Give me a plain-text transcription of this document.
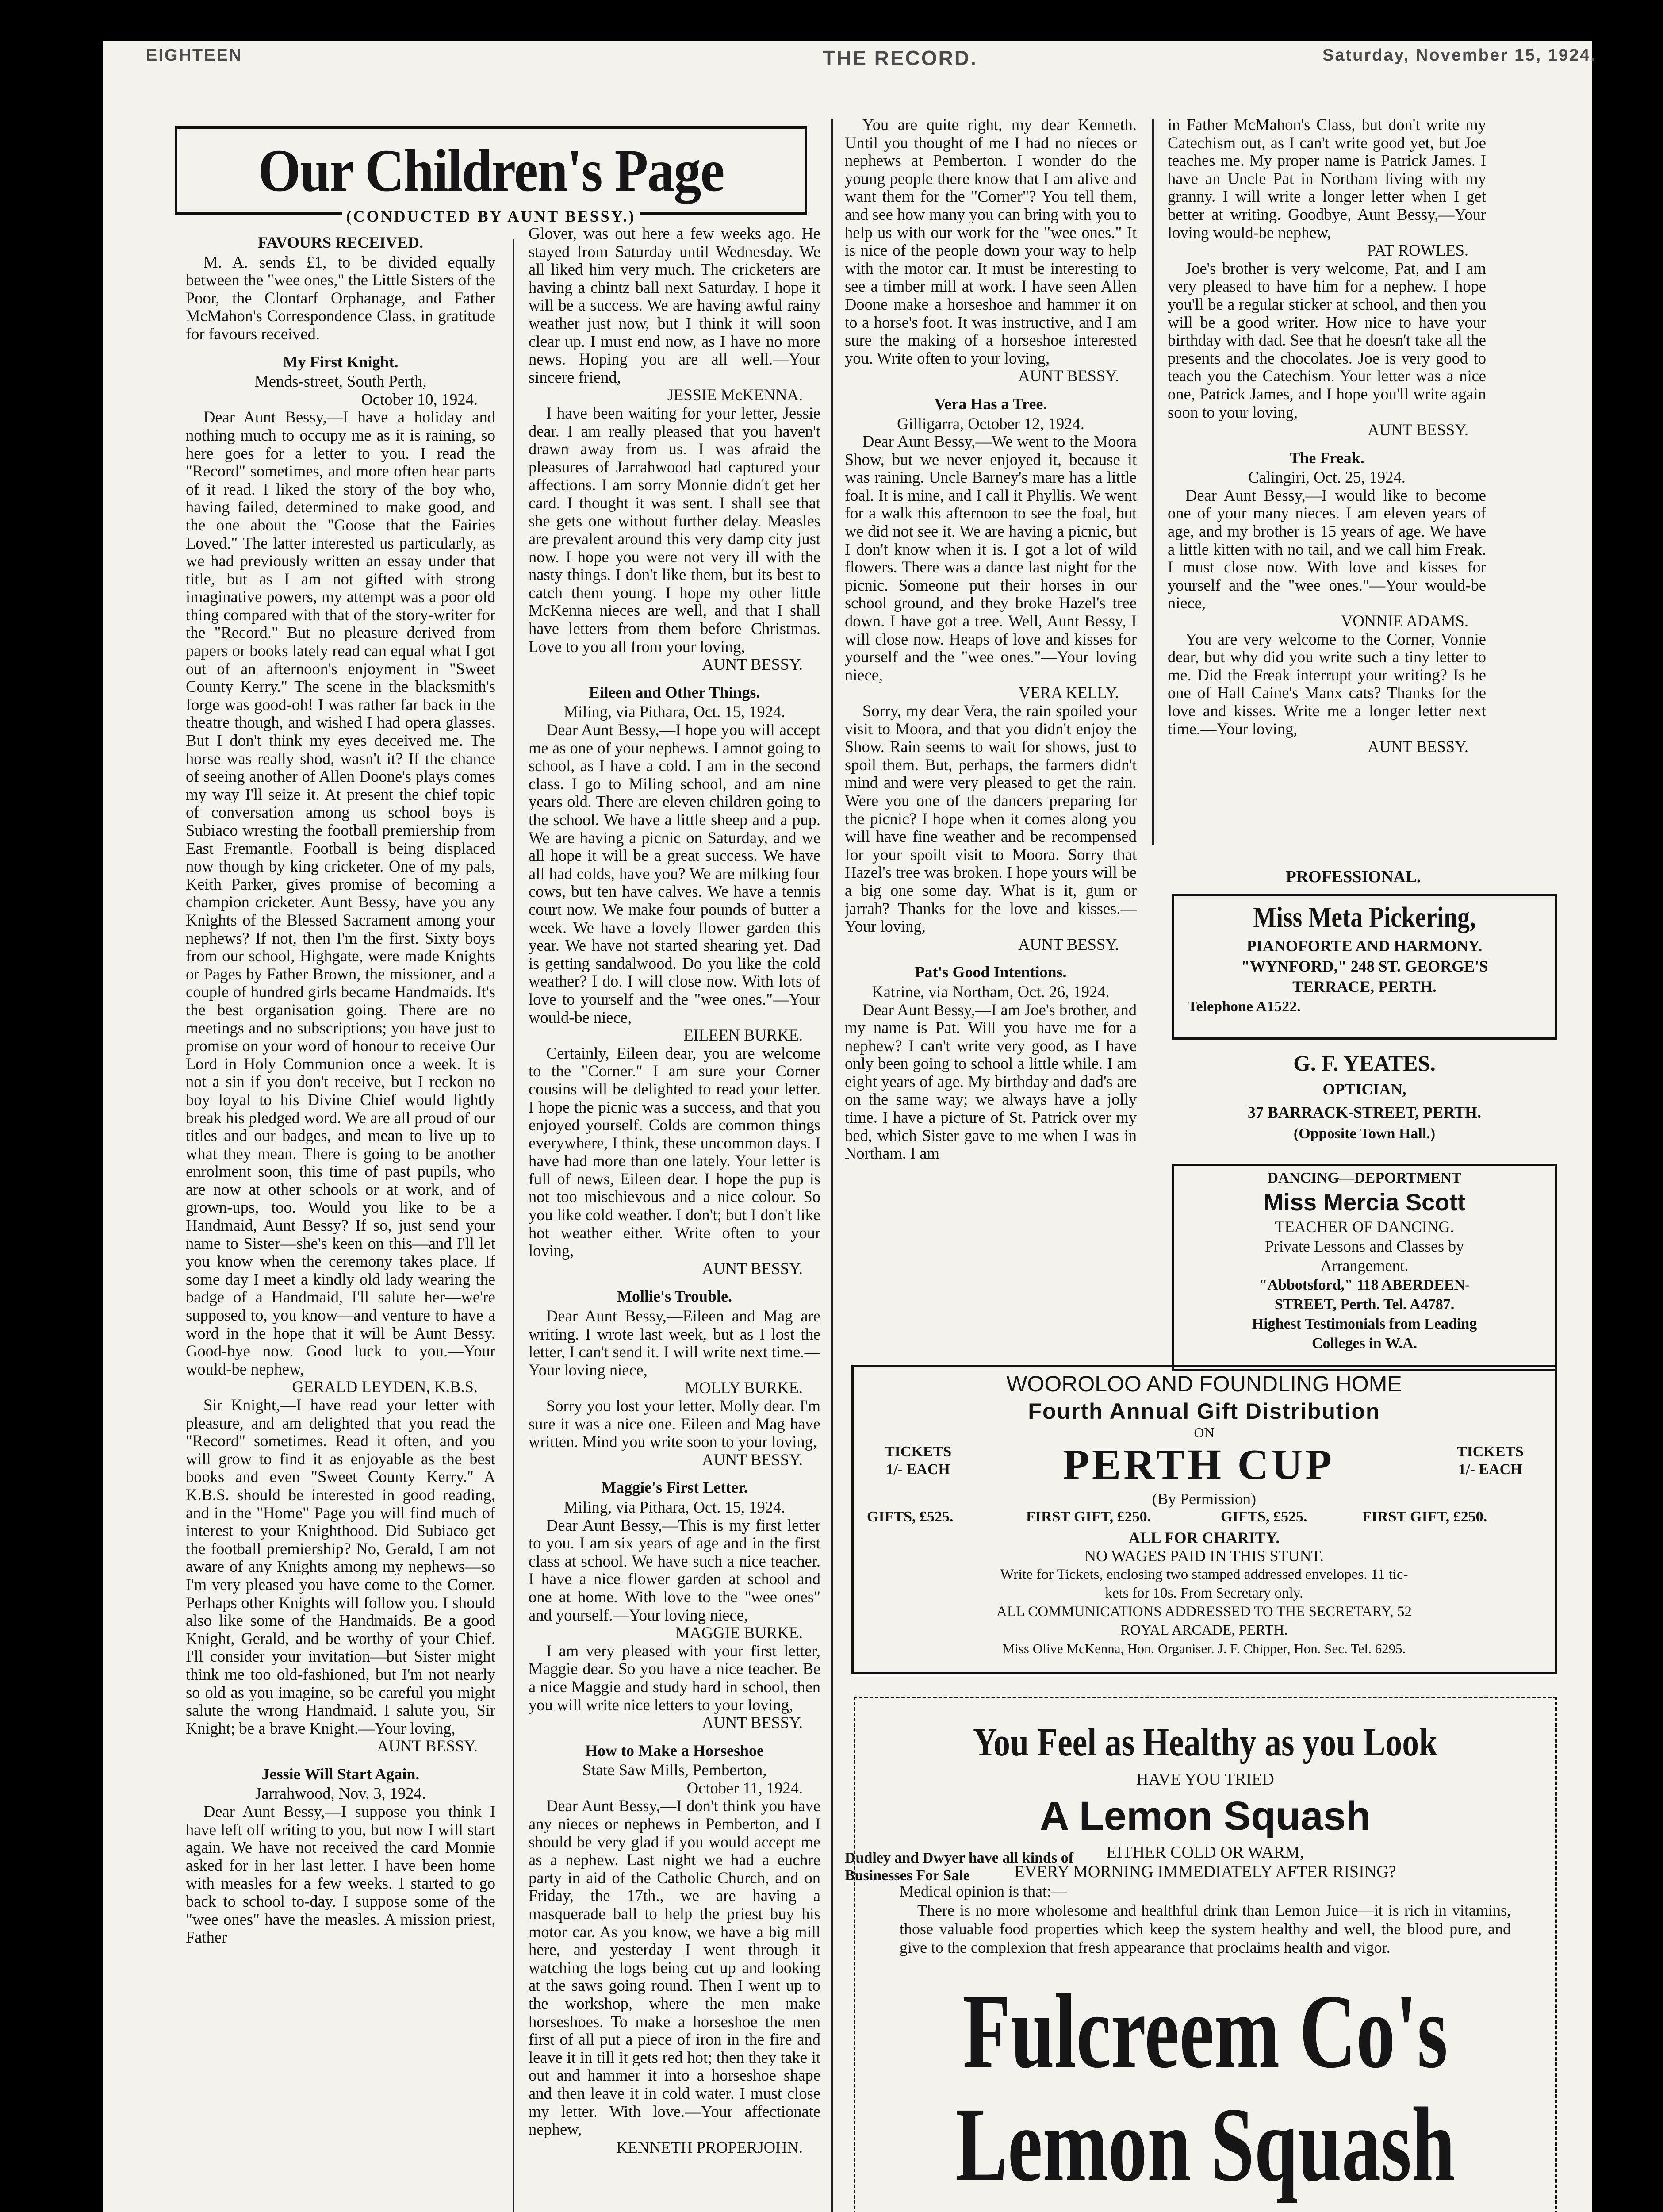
EIGHTEEN	THE RECORD.	Saturday, November 15, 1924.
Our Children's Page
(CONDUCTED BY AUNT BESSY.)
FAVOURS RECEIVED.

M. A. sends £1, to be divided equally between the "wee ones," the Little Sisters of the Poor, the Clontarf Orphanage, and Father McMahon's Correspondence Class, in gratitude for favours received.

My First Knight.

Mends-street, South Perth,

October 10, 1924.

Dear Aunt Bessy,—I have a holiday and nothing much to occupy me as it is raining, so here goes for a letter to you. I read the "Record" sometimes, and more often hear parts of it read. I liked the story of the boy who, having failed, determined to make good, and the one about the "Goose that the Fairies Loved." The latter interested us particularly, as we had previously written an essay under that title, but as I am not gifted with strong imaginative powers, my attempt was a poor old thing compared with that of the story-writer for the "Record." But no pleasure derived from papers or books lately read can equal what I got out of an afternoon's enjoyment in "Sweet County Kerry." The scene in the blacksmith's forge was good-oh! I was rather far back in the theatre though, and wished I had opera glasses. But I don't think my eyes deceived me. The horse was really shod, wasn't it? If the chance of seeing another of Allen Doone's plays comes my way I'll seize it. At present the chief topic of conversation among us school boys is Subiaco wresting the football premiership from East Fremantle. Football is being displaced now though by king cricketer. One of my pals, Keith Parker, gives promise of becoming a champion cricketer. Aunt Bessy, have you any Knights of the Blessed Sacrament among your nephews? If not, then I'm the first. Sixty boys from our school, Highgate, were made Knights or Pages by Father Brown, the missioner, and a couple of hundred girls became Handmaids. It's the best organisation going. There are no meetings and no subscriptions; you have just to promise on your word of honour to receive Our Lord in Holy Communion once a week. It is not a sin if you don't receive, but I reckon no boy loyal to his Divine Chief would lightly break his pledged word. We are all proud of our titles and our badges, and mean to live up to what they mean. There is going to be another enrolment soon, this time of past pupils, who are now at other schools or at work, and of grown-ups, too. Would you like to be a Handmaid, Aunt Bessy? If so, just send your name to Sister—she's keen on this—and I'll let you know when the ceremony takes place. If some day I meet a kindly old lady wearing the badge of a Handmaid, I'll salute her—we're supposed to, you know—and venture to have a word in the hope that it will be Aunt Bessy. Good-bye now. Good luck to you.—Your would-be nephew,

GERALD LEYDEN, K.B.S.

Sir Knight,—I have read your letter with pleasure, and am delighted that you read the "Record" sometimes. Read it often, and you will grow to find it as enjoyable as the best books and even "Sweet County Kerry." A K.B.S. should be interested in good reading, and in the "Home" Page you will find much of interest to your Knighthood. Did Subiaco get the football premiership? No, Gerald, I am not aware of any Knights among my nephews—so I'm very pleased you have come to the Corner. Perhaps other Knights will follow you. I should also like some of the Handmaids. Be a good Knight, Gerald, and be worthy of your Chief. I'll consider your invitation—but Sister might think me too old-fashioned, but I'm not nearly so old as you imagine, so be careful you might salute the wrong Handmaid. I salute you, Sir Knight; be a brave Knight.—Your loving,

AUNT BESSY.

Jessie Will Start Again.

Jarrahwood, Nov. 3, 1924.

Dear Aunt Bessy,—I suppose you think I have left off writing to you, but now I will start again. We have not received the card Monnie asked for in her last letter. I have been home with measles for a few weeks. I started to go back to school to-day. I suppose some of the "wee ones" have the measles. A mission priest, Father

Glover, was out here a few weeks ago. He stayed from Saturday until Wednesday. We all liked him very much. The cricketers are having a chintz ball next Saturday. I hope it will be a success. We are having awful rainy weather just now, but I think it will soon clear up. I must end now, as I have no more news. Hoping you are all well.—Your sincere friend,

JESSIE McKENNA.

I have been waiting for your letter, Jessie dear. I am really pleased that you haven't drawn away from us. I was afraid the pleasures of Jarrahwood had captured your affections. I am sorry Monnie didn't get her card. I thought it was sent. I shall see that she gets one without further delay. Measles are prevalent around this very damp city just now. I hope you were not very ill with the nasty things. I don't like them, but its best to catch them young. I hope my other little McKenna nieces are well, and that I shall have letters from them before Christmas. Love to you all from your loving,

AUNT BESSY.

Eileen and Other Things.

Miling, via Pithara, Oct. 15, 1924.

Dear Aunt Bessy,—I hope you will accept me as one of your nephews. I amnot going to school, as I have a cold. I am in the second class. I go to Miling school, and am nine years old. There are eleven children going to the school. We have a little sheep and a pup. We are having a picnic on Saturday, and we all hope it will be a great success. We have all had colds, have you? We are milking four cows, but ten have calves. We have a tennis court now. We make four pounds of butter a week. We have a lovely flower garden this year. We have not started shearing yet. Dad is getting sandalwood. Do you like the cold weather? I do. I will close now. With lots of love to yourself and the "wee ones."—Your would-be niece,

EILEEN BURKE.

Certainly, Eileen dear, you are welcome to the "Corner." I am sure your Corner cousins will be delighted to read your letter. I hope the picnic was a success, and that you enjoyed yourself. Colds are common things everywhere, I think, these uncommon days. I have had more than one lately. Your letter is full of news, Eileen dear. I hope the pup is not too mischievous and a nice colour. So you like cold weather. I don't; but I don't like hot weather either. Write often to your loving,

AUNT BESSY.

Mollie's Trouble.

Dear Aunt Bessy,—Eileen and Mag are writing. I wrote last week, but as I lost the letter, I can't send it. I will write next time.—Your loving niece,

MOLLY BURKE.

Sorry you lost your letter, Molly dear. I'm sure it was a nice one. Eileen and Mag have written. Mind you write soon to your loving,

AUNT BESSY.

Maggie's First Letter.

Miling, via Pithara, Oct. 15, 1924.

Dear Aunt Bessy,—This is my first letter to you. I am six years of age and in the first class at school. We have such a nice teacher. I have a nice flower garden at school and one at home. With love to the "wee ones" and yourself.—Your loving niece,

MAGGIE BURKE.

I am very pleased with your first letter, Maggie dear. So you have a nice teacher. Be a nice Maggie and study hard in school, then you will write nice letters to your loving,

AUNT BESSY.

How to Make a Horseshoe

State Saw Mills, Pemberton,

October 11, 1924.

Dear Aunt Bessy,—I don't think you have any nieces or nephews in Pemberton, and I should be very glad if you would accept me as a nephew. Last night we had a euchre party in aid of the Catholic Church, and on Friday, the 17th., we are having a masquerade ball to help the priest buy his motor car. As you know, we have a big mill here, and yesterday I went through it watching the logs being cut up and looking at the saws going round. Then I went up to the workshop, where the men make horseshoes. To make a horseshoe the men first of all put a piece of iron in the fire and leave it in till it gets red hot; then they take it out and hammer it into a horseshoe shape and then leave it in cold water. I must close my letter. With love.—Your affectionate nephew,

KENNETH PROPERJOHN.

You are quite right, my dear Kenneth. Until you thought of me I had no nieces or nephews at Pemberton. I wonder do the young people there know that I am alive and want them for the "Corner"? You tell them, and see how many you can bring with you to help us with our work for the "wee ones." It is nice of the people down your way to help with the motor car. It must be interesting to see a timber mill at work. I have seen Allen Doone make a horseshoe and hammer it on to a horse's foot. It was instructive, and I am sure the making of a horseshoe interested you. Write often to your loving,

AUNT BESSY.

Vera Has a Tree.

Gilligarra, October 12, 1924.

Dear Aunt Bessy,—We went to the Moora Show, but we never enjoyed it, because it was raining. Uncle Barney's mare has a little foal. It is mine, and I call it Phyllis. We went for a walk this afternoon to see the foal, but we did not see it. We are having a picnic, but I don't know when it is. I got a lot of wild flowers. There was a dance last night for the picnic. Someone put their horses in our school ground, and they broke Hazel's tree down. I have got a tree. Well, Aunt Bessy, I will close now. Heaps of love and kisses for yourself and the "wee ones."—Your loving niece,

VERA KELLY.

Sorry, my dear Vera, the rain spoiled your visit to Moora, and that you didn't enjoy the Show. Rain seems to wait for shows, just to spoil them. But, perhaps, the farmers didn't mind and were very pleased to get the rain. Were you one of the dancers preparing for the picnic? I hope when it comes along you will have fine weather and be recompensed for your spoilt visit to Moora. Sorry that Hazel's tree was broken. I hope yours will be a big one some day. What is it, gum or jarrah? Thanks for the love and kisses.—Your loving,

AUNT BESSY.

Pat's Good Intentions.

Katrine, via Northam, Oct. 26, 1924.

Dear Aunt Bessy,—I am Joe's brother, and my name is Pat. Will you have me for a nephew? I can't write very good, as I have only been going to school a little while. I am eight years of age. My birthday and dad's are on the same way; we always have a jolly time. I have a picture of St. Patrick over my bed, which Sister gave to me when I was in Northam. I am

Dudley and Dwyer have all kinds of Businesses For Sale

in Father McMahon's Class, but don't write my Catechism out, as I can't write good yet, but Joe teaches me. My proper name is Patrick James. I have an Uncle Pat in Northam living with my granny. I will write a longer letter when I get better at writing. Goodbye, Aunt Bessy,—Your loving would-be nephew,

PAT ROWLES.

Joe's brother is very welcome, Pat, and I am very pleased to have him for a nephew. I hope you'll be a regular sticker at school, and then you will be a good writer. How nice to have your birthday with dad. See that he doesn't take all the presents and the chocolates. Joe is very good to teach you the Catechism. Your letter was a nice one, Patrick James, and I hope you'll write again soon to your loving,

AUNT BESSY.

The Freak.

Calingiri, Oct. 25, 1924.

Dear Aunt Bessy,—I would like to become one of your many nieces. I am eleven years of age, and my brother is 15 years of age. We have a little kitten with no tail, and we call him Freak. I must close now. With love and kisses for yourself and the "wee ones."—Your would-be niece,

VONNIE ADAMS.

You are very welcome to the Corner, Vonnie dear, but why did you write such a tiny letter to me. Did the Freak interrupt your writing? Is he one of Hall Caine's Manx cats? Thanks for the love and kisses. Write me a longer letter next time.—Your loving,

AUNT BESSY.

PROFESSIONAL.
Miss Meta Pickering,
PIANOFORTE AND HARMONY.
"WYNFORD," 248 ST. GEORGE'S
TERRACE, PERTH.
Telephone A1522.
G. F. YEATES.
OPTICIAN,
37 BARRACK-STREET, PERTH.
(Opposite Town Hall.)
DANCING—DEPORTMENT
Miss Mercia Scott
TEACHER OF DANCING.
Private Lessons and Classes by
Arrangement.
"Abbotsford," 118 ABERDEEN-
STREET, Perth. Tel. A4787.
Highest Testimonials from Leading
Colleges in W.A.
WOOROLOO AND FOUNDLING HOME
Fourth Annual Gift Distribution
ON
TICKETS
1/- EACH	PERTH CUP	TICKETS
1/- EACH
(By Permission)
GIFTS, £525.	FIRST GIFT, £250.	GIFTS, £525.	FIRST GIFT, £250.
ALL FOR CHARITY.
NO WAGES PAID IN THIS STUNT.
Write for Tickets, enclosing two stamped addressed envelopes. 11 tic-
kets for 10s. From Secretary only.
ALL COMMUNICATIONS ADDRESSED TO THE SECRETARY, 52
ROYAL ARCADE, PERTH.
Miss Olive McKenna, Hon. Organiser. J. F. Chipper, Hon. Sec. Tel. 6295.
You Feel as Healthy as you Look
HAVE YOU TRIED
A Lemon Squash
EITHER COLD OR WARM,
EVERY MORNING IMMEDIATELY AFTER RISING?
Medical opinion is that:—
There is no more wholesome and healthful drink than Lemon Juice—it is rich in vitamins, those valuable food properties which keep the system healthy and well, the blood pure, and give to the complexion that fresh appearance that proclaims health and vigor.
Fulcreem Co's
Lemon Squash
